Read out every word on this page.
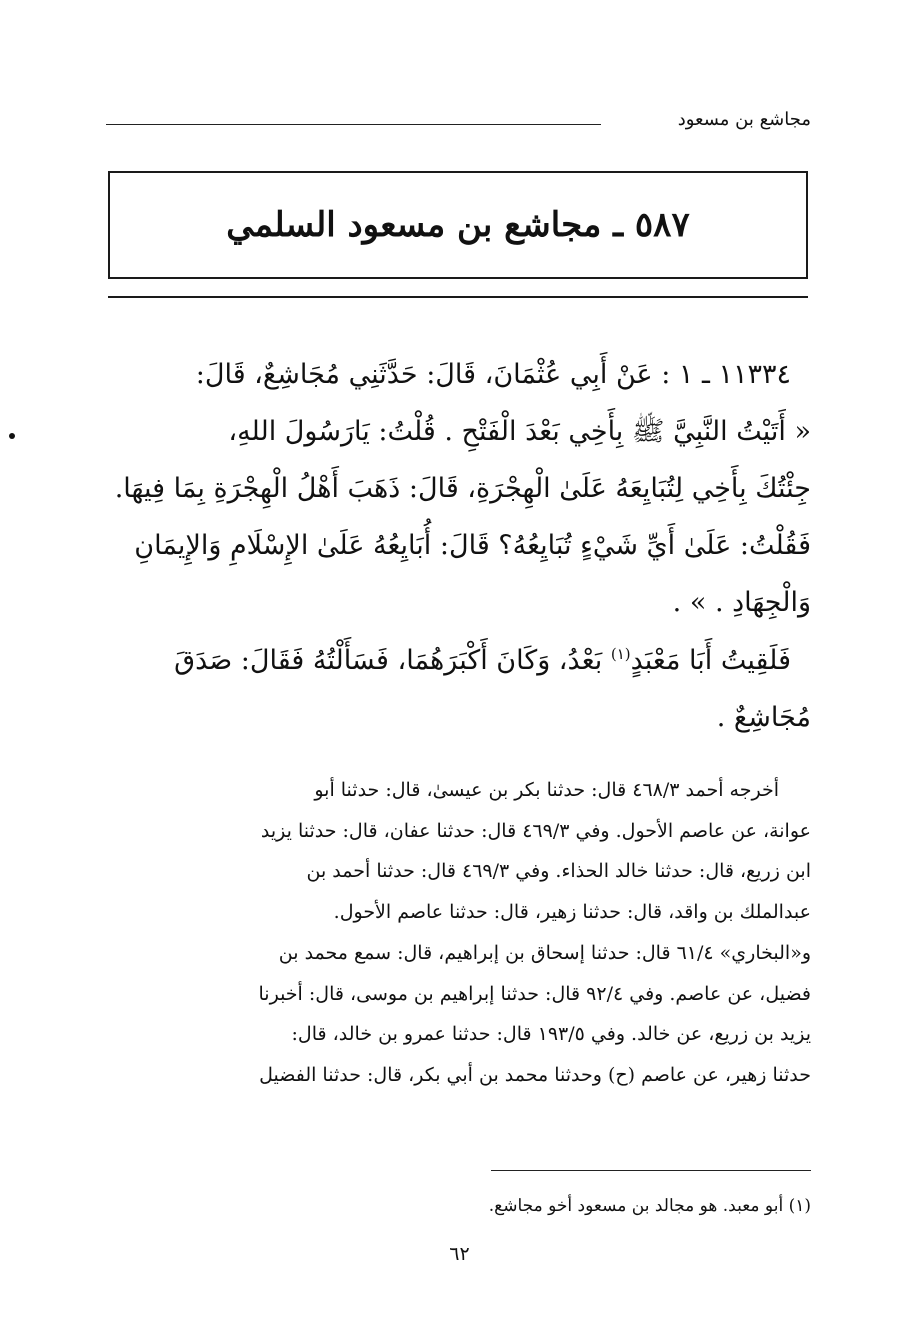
مجاشع بن مسعود
٥٨٧ ـ مجاشع بن مسعود السلمي
١١٣٣٤ ـ ١ : عَنْ أَبِي عُثْمَانَ، قَالَ: حَدَّثَنِي مُجَاشِعٌ، قَالَ:
« أَتَيْتُ النَّبِيَّ ﷺ بِأَخِي بَعْدَ الْفَتْحِ . قُلْتُ: يَارَسُولَ اللهِ،
جِئْتُكَ بِأَخِي لِتُبَايِعَهُ عَلَىٰ الْهِجْرَةِ، قَالَ: ذَهَبَ أَهْلُ الْهِجْرَةِ بِمَا فِيهَا.
فَقُلْتُ: عَلَىٰ أَيِّ شَيْءٍ تُبَايِعُهُ؟ قَالَ: أُبَايِعُهُ عَلَىٰ الإِسْلَامِ وَالإِيمَانِ
وَالْجِهَادِ . » .
فَلَقِيتُ أَبَا مَعْبَدٍ$^{(١)}$ بَعْدُ، وَكَانَ أَكْبَرَهُمَا، فَسَأَلْتُهُ فَقَالَ: صَدَقَ
مُجَاشِعٌ .
أخرجه أحمد ٤٦٨/٣ قال: حدثنا بكر بن عيسىٰ، قال: حدثنا أبو
عوانة، عن عاصم الأحول. وفي ٤٦٩/٣ قال: حدثنا عفان، قال: حدثنا يزيد
ابن زريع، قال: حدثنا خالد الحذاء. وفي ٤٦٩/٣ قال: حدثنا أحمد بن
عبدالملك بن واقد، قال: حدثنا زهير، قال: حدثنا عاصم الأحول.
و«البخاري» ٦١/٤ قال: حدثنا إسحاق بن إبراهيم، قال: سمع محمد بن
فضيل، عن عاصم. وفي ٩٢/٤ قال: حدثنا إبراهيم بن موسى، قال: أخبرنا
يزيد بن زريع، عن خالد. وفي ١٩٣/٥ قال: حدثنا عمرو بن خالد، قال:
حدثنا زهير، عن عاصم (ح) وحدثنا محمد بن أبي بكر، قال: حدثنا الفضيل
(١) أبو معبد. هو مجالد بن مسعود أخو مجاشع.
٦٢
